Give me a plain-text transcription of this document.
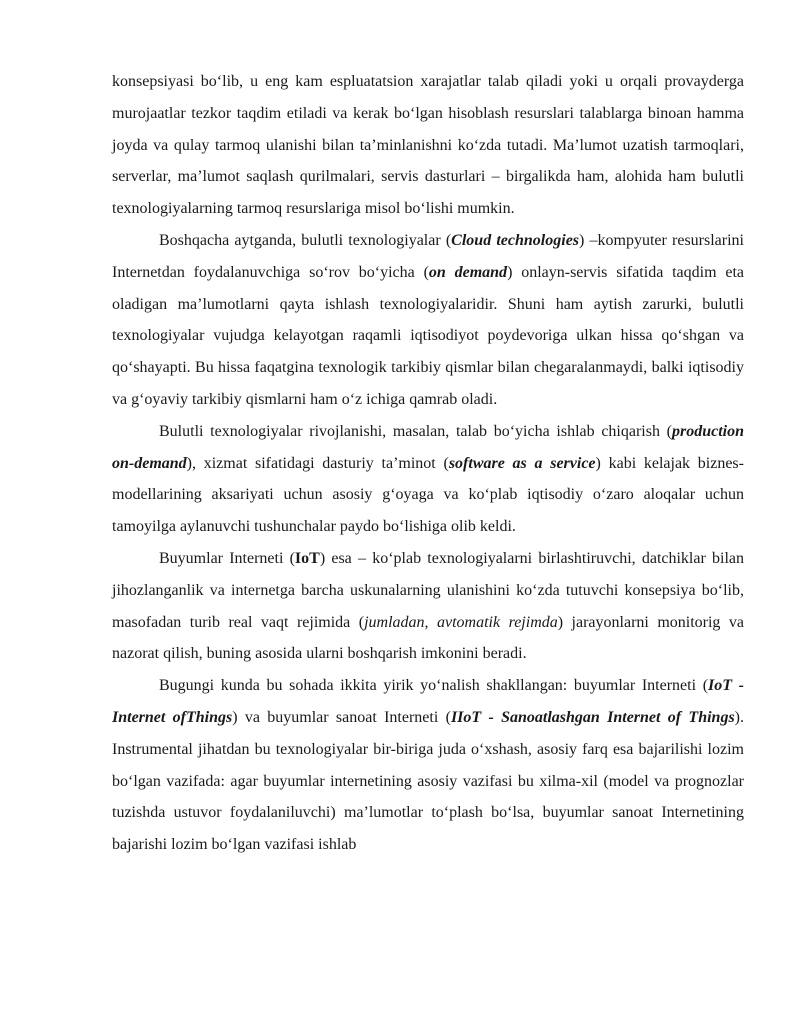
konsepsiyasi boʻlib, u eng kam espluatatsion xarajatlar talab qiladi yoki u orqali provayderga murojaatlar tezkor taqdim etiladi va kerak boʻlgan hisoblash resurslari talablarga binoan hamma joyda va qulay tarmoq ulanishi bilan ta’minlanishni koʻzda tutadi. Ma’lumot uzatish tarmoqlari, serverlar, ma’lumot saqlash qurilmalari, servis dasturlari – birgalikda ham, alohida ham bulutli texnologiyalarning tarmoq resurslariga misol boʻlishi mumkin.

Boshqacha aytganda, bulutli texnologiyalar (Cloud technologies) –kompyuter resurslarini Internetdan foydalanuvchiga soʻrov boʻyicha (on demand) onlayn-servis sifatida taqdim eta oladigan ma’lumotlarni qayta ishlash texnologiyalaridir. Shuni ham aytish zarurki, bulutli texnologiyalar vujudga kelayotgan raqamli iqtisodiyot poydevoriga ulkan hissa qoʻshgan va qoʻshayapti. Bu hissa faqatgina texnologik tarkibiy qismlar bilan chegaralanmaydi, balki iqtisodiy va gʻoyaviy tarkibiy qismlarni ham oʻz ichiga qamrab oladi.

Bulutli texnologiyalar rivojlanishi, masalan, talab boʻyicha ishlab chiqarish (production on-demand), xizmat sifatidagi dasturiy ta’minot (software as a service) kabi kelajak biznes-modellarining aksariyati uchun asosiy gʻoyaga va koʻplab iqtisodiy oʻzaro aloqalar uchun tamoyilga aylanuvchi tushunchalar paydo boʻlishiga olib keldi.

Buyumlar Interneti (IoT) esa – koʻplab texnologiyalarni birlashtiruvchi, datchiklar bilan jihozlanganlik va internetga barcha uskunalarning ulanishini koʻzda tutuvchi konsepsiya boʻlib, masofadan turib real vaqt rejimida (jumladan, avtomatik rejimda) jarayonlarni monitorig va nazorat qilish, buning asosida ularni boshqarish imkonini beradi.

Bugungi kunda bu sohada ikkita yirik yoʻnalish shakllangan: buyumlar Interneti (IoT - Internet ofThings) va buyumlar sanoat Interneti (IIoT - Sanoatlashgan Internet of Things). Instrumental jihatdan bu texnologiyalar bir-biriga juda oʻxshash, asosiy farq esa bajarilishi lozim boʻlgan vazifada: agar buyumlar internetining asosiy vazifasi bu xilma-xil (model va prognozlar tuzishda ustuvor foydalaniluvchi) ma’lumotlar toʻplash boʻlsa, buyumlar sanoat Internetining bajarishi lozim boʻlgan vazifasi ishlab
